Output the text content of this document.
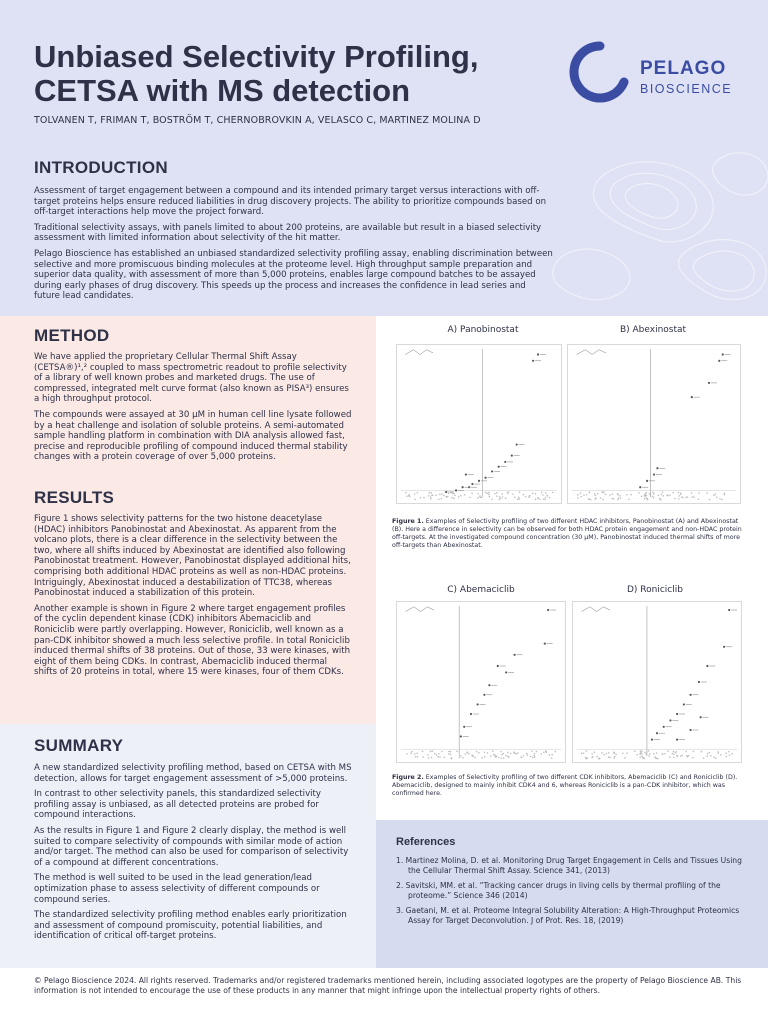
Unbiased Selectivity Profiling, CETSA with MS detection
TOLVANEN T, FRIMAN T, BOSTRÖM T, CHERNOBROVKIN A, VELASCO C, MARTINEZ MOLINA D
PELAGO
BIOSCIENCE
INTRODUCTION

Assessment of target engagement between a compound and its intended primary target versus interactions with off-target proteins helps ensure reduced liabilities in drug discovery projects. The ability to prioritize compounds based on off-target interactions help move the project forward.

Traditional selectivity assays, with panels limited to about 200 proteins, are available but result in a biased selectivity assessment with limited information about selectivity of the hit matter.

Pelago Bioscience has established an unbiased standardized selectivity profiling assay, enabling discrimination between selective and more promiscuous binding molecules at the proteome level. High throughput sample preparation and superior data quality, with assessment of more than 5,000 proteins, enables large compound batches to be assayed during early phases of drug discovery. This speeds up the process and increases the confidence in lead series and future lead candidates.

METHOD

We have applied the proprietary Cellular Thermal Shift Assay (CETSA®)¹,² coupled to mass spectrometric readout to profile selectivity of a library of well known probes and marketed drugs. The use of compressed, integrated melt curve format (also known as PISA³) ensures a high throughput protocol.

The compounds were assayed at 30 µM in human cell line lysate followed by a heat challenge and isolation of soluble proteins. A semi-automated sample handling platform in combination with DIA analysis allowed fast, precise and reproducible profiling of compound induced thermal stability changes with a protein coverage of over 5,000 proteins.

RESULTS

Figure 1 shows selectivity patterns for the two histone deacetylase (HDAC) inhibitors Panobinostat and Abexinostat. As apparent from the volcano plots, there is a clear difference in the selectivity between the two, where all shifts induced by Abexinostat are identified also following Panobinostat treatment. However, Panobinostat displayed additional hits, comprising both additional HDAC proteins as well as non-HDAC proteins. Intriguingly, Abexinostat induced a destabilization of TTC38, whereas Panobinostat induced a stabilization of this protein.

Another example is shown in Figure 2 where target engagement profiles of the cyclin dependent kinase (CDK) inhibitors Abemaciclib and Roniciclib were partly overlapping. However, Roniciclib, well known as a pan-CDK inhibitor showed a much less selective profile. In total Roniciclib induced thermal shifts of 38 proteins. Out of those, 33 were kinases, with eight of them being CDKs. In contrast, Abemaciclib induced thermal shifts of 20 proteins in total, where 15 were kinases, four of them CDKs.

SUMMARY

A new standardized selectivity profiling method, based on CETSA with MS detection, allows for target engagement assessment of >5,000 proteins.

In contrast to other selectivity panels, this standardized selectivity profiling assay is unbiased, as all detected proteins are probed for compound interactions.

As the results in Figure 1 and Figure 2 clearly display, the method is well suited to compare selectivity of compounds with similar mode of action and/or target. The method can also be used for comparison of selectivity of a compound at different concentrations.

The method is well suited to be used in the lead generation/lead optimization phase to assess selectivity of different compounds or compound series.

The standardized selectivity profiling method enables early prioritization and assessment of compound promiscuity, potential liabilities, and identification of critical off-target proteins.

A) Panobinostat	B) Abexinostat
Figure 1. Examples of Selectivity profiling of two different HDAC inhibitors, Panobinostat (A) and Abexinostat (B). Here a difference in selectivity can be observed for both HDAC protein engagement and non-HDAC protein off-targets. At the investigated compound concentration (30 µM), Panobinostat induced thermal shifts of more off-targets than Abexinostat.
C) Abemaciclib	D) Roniciclib
Figure 2. Examples of Selectivity profiling of two different CDK inhibitors, Abemaciclib (C) and Roniciclib (D). Abemaciclib, designed to mainly inhibit CDK4 and 6, whereas Roniciclib is a pan-CDK inhibitor, which was confirmed here.
References
1. Martinez Molina, D. et al. Monitoring Drug Target Engagement in Cells and Tissues Using the Cellular Thermal Shift Assay. Science 341, (2013)
2. Savitski, MM. et al. “Tracking cancer drugs in living cells by thermal profiling of the proteome.” Science 346 (2014)
3. Gaetani, M. et al. Proteome Integral Solubility Alteration: A High-Throughput Proteomics Assay for Target Deconvolution. J of Prot. Res. 18, (2019)
© Pelago Bioscience 2024. All rights reserved. Trademarks and/or registered trademarks mentioned herein, including associated logotypes are the property of Pelago Bioscience AB. This information is not intended to encourage the use of these products in any manner that might infringe upon the intellectual property rights of others.
